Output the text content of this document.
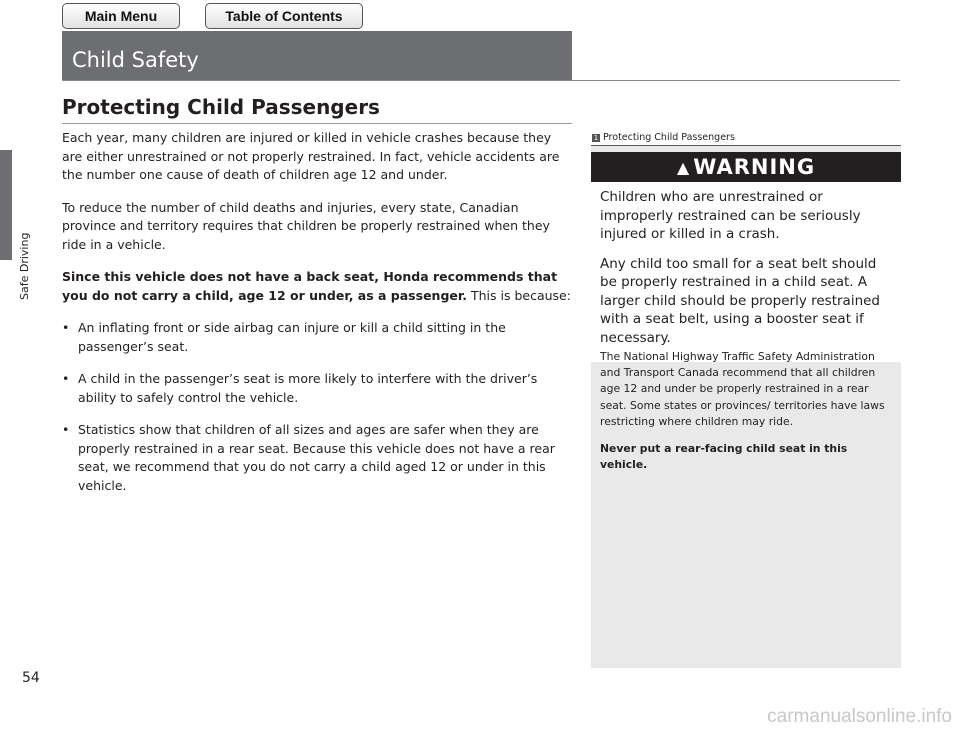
Main Menu	Table of Contents
Safe Driving
Child Safety
Protecting Child Passengers

Each year, many children are injured or killed in vehicle crashes because they are either unrestrained or not properly restrained. In fact, vehicle accidents are the number one cause of death of children age 12 and under.

To reduce the number of child deaths and injuries, every state, Canadian province and territory requires that children be properly restrained when they ride in a vehicle.

Since this vehicle does not have a back seat, Honda recommends that you do not carry a child, age 12 or under, as a passenger. This is because:

• An inflating front or side airbag can injure or kill a child sitting in the passenger’s seat.
• A child in the passenger’s seat is more likely to interfere with the driver’s ability to safely control the vehicle.
• Statistics show that children of all sizes and ages are safer when they are properly restrained in a rear seat. Because this vehicle does not have a rear seat, we recommend that you do not carry a child aged 12 or under in this vehicle.
1 Protecting Child Passengers
▲ WARNING

Children who are unrestrained or improperly restrained can be seriously injured or killed in a crash.

Any child too small for a seat belt should be properly restrained in a child seat. A larger child should be properly restrained with a seat belt, using a booster seat if necessary.

The National Highway Traffic Safety Administration and Transport Canada recommend that all children age 12 and under be properly restrained in a rear seat. Some states or provinces/ territories have laws restricting where children may ride.

Never put a rear-facing child seat in this vehicle.

54
carmanualsonline.info
